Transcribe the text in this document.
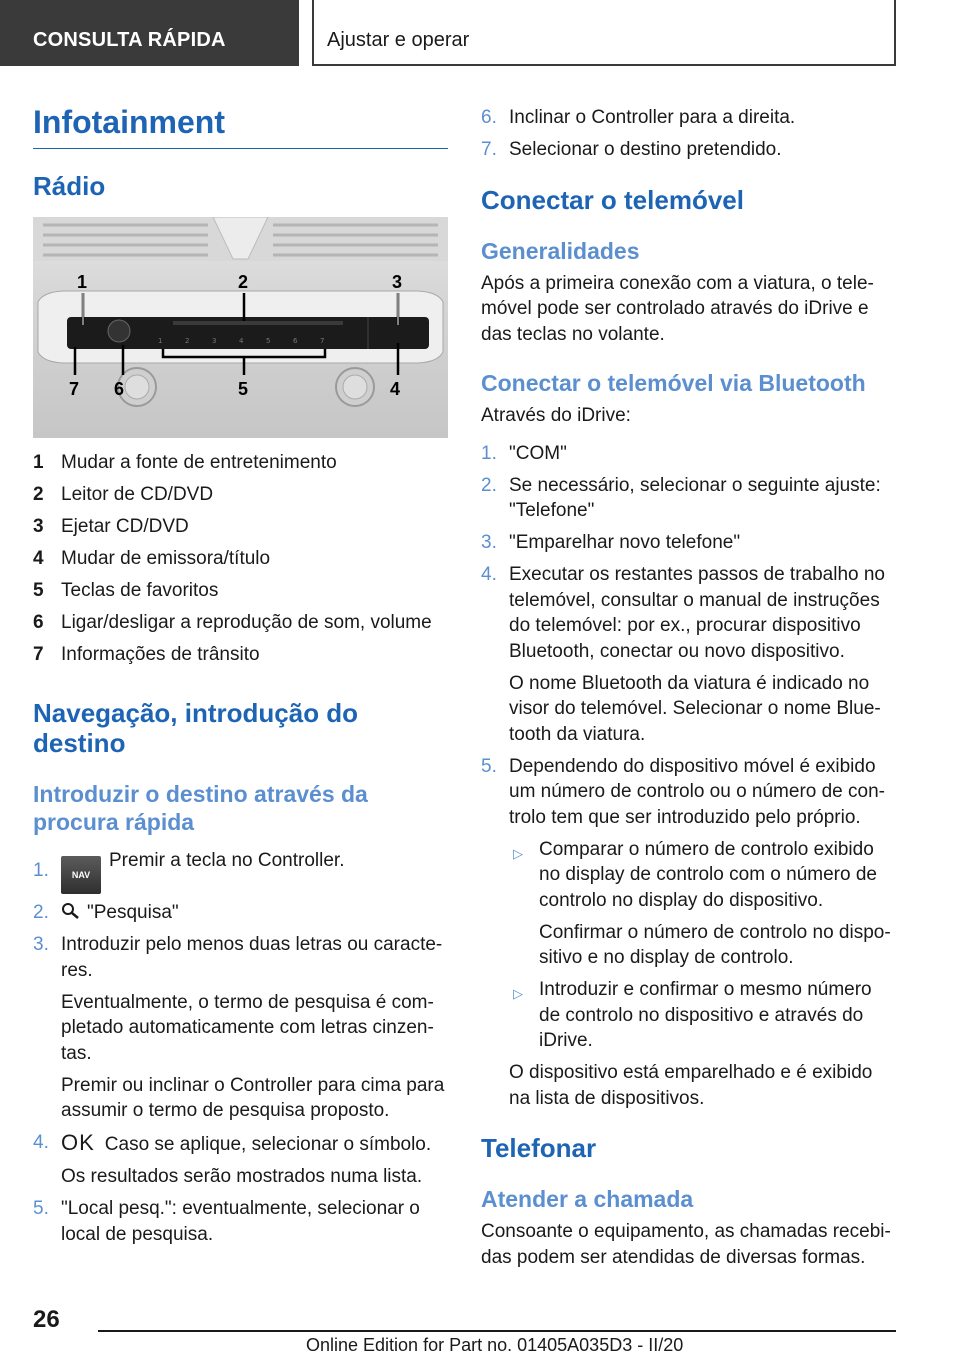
CONSULTA RÁPIDA	Ajustar e operar
Infotainment
Rádio
1	2	3	4	5	6	7
1	2	3
4
5
6
7
1 Mudar a fonte de entretenimento
2 Leitor de CD/DVD
3 Ejetar CD/DVD
4 Mudar de emissora/título
5 Teclas de favoritos
6 Ligar/desligar a reprodução de som, volume
7 Informações de trânsito
Navegação, introdução do destino
Introduzir o destino através da procura rápida
1.	NAVPremir a tecla no Controller.
2.	"Pesquisa"
3. Introduzir pelo menos duas letras ou caracte-res.

Eventualmente, o termo de pesquisa é com-pletado automaticamente com letras cinzen-tas.

Premir ou inclinar o Controller para cima para assumir o termo de pesquisa proposto.

4. OK Caso se aplique, selecionar o símbolo.

Os resultados serão mostrados numa lista.

5. "Local pesq.": eventualmente, selecionar o local de pesquisa.
6. Inclinar o Controller para a direita.
7. Selecionar o destino pretendido.
Conectar o telemóvel
Generalidades

Após a primeira conexão com a viatura, o tele-móvel pode ser controlado através do iDrive e das teclas no volante.

Conectar o telemóvel via Bluetooth

Através do iDrive:

1. "COM"
2. Se necessário, selecionar o seguinte ajuste: "Telefone"
3. "Emparelhar novo telefone"
4. Executar os restantes passos de trabalho no telemóvel, consultar o manual de instruções do telemóvel: por ex., procurar dispositivo Bluetooth, conectar ou novo dispositivo.

O nome Bluetooth da viatura é indicado no visor do telemóvel. Selecionar o nome Blue-tooth da viatura.

5. Dependendo do dispositivo móvel é exibido um número de controlo ou o número de con-trolo tem que ser introduzido pelo próprio.

▷ Comparar o número de controlo exibido no display de controlo com o número de controlo no display do dispositivo.

Confirmar o número de controlo no dispo-sitivo e no display de controlo.

▷ Introduzir e confirmar o mesmo número de controlo no dispositivo e através do iDrive.

O dispositivo está emparelhado e é exibido na lista de dispositivos.

Telefonar
Atender a chamada

Consoante o equipamento, as chamadas recebi-das podem ser atendidas de diversas formas.

26
Online Edition for Part no. 01405A035D3 - II/20
